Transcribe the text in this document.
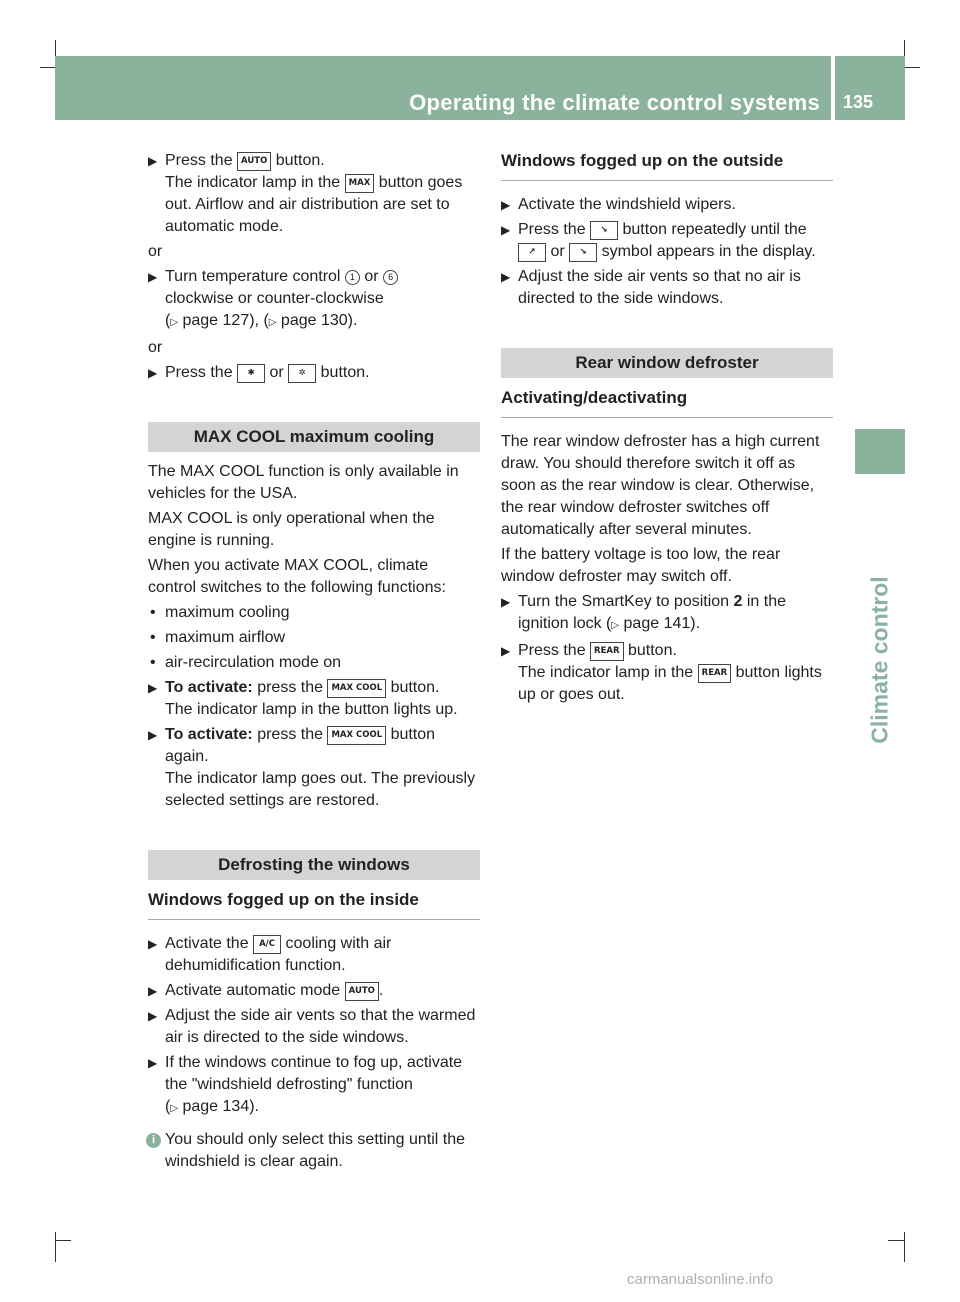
Operating the climate control systems 135
Climate control
▶ Press the AUTO button.
The indicator lamp in the MAX button goes out. Airflow and air distribution are set to automatic mode.
or
▶ Turn temperature control 1 or 6
clockwise or counter-clockwise
(▷ page 127), (▷ page 130).
or
▶ Press the ✱ or ✲ button.
MAX COOL maximum cooling
The MAX COOL function is only available in vehicles for the USA.
MAX COOL is only operational when the engine is running.
When you activate MAX COOL, climate control switches to the following functions:
• maximum cooling
• maximum airflow
• air-recirculation mode on
▶ To activate: press the MAX COOL button.
The indicator lamp in the button lights up.
▶ To activate: press the MAX COOL button again.
The indicator lamp goes out. The previously selected settings are restored.
Defrosting the windows
Windows fogged up on the inside
▶ Activate the A/C cooling with air dehumidification function.
▶ Activate automatic mode AUTO .
▶ Adjust the side air vents so that the warmed air is directed to the side windows.
▶ If the windows continue to fog up, activate the "windshield defrosting" function
(▷ page 134).
i You should only select this setting until the windshield is clear again.
Windows fogged up on the outside
▶ Activate the windshield wipers.
▶ Press the ↘ button repeatedly until the
↗ or ↘ symbol appears in the display.
▶ Adjust the side air vents so that no air is directed to the side windows.
Rear window defroster
Activating/deactivating
The rear window defroster has a high current draw. You should therefore switch it off as soon as the rear window is clear. Otherwise, the rear window defroster switches off automatically after several minutes.
If the battery voltage is too low, the rear window defroster may switch off.
▶ Turn the SmartKey to position 2 in the ignition lock (▷ page 141).
▶ Press the REAR button.
The indicator lamp in the REAR button lights up or goes out.
carmanualsonline.info
